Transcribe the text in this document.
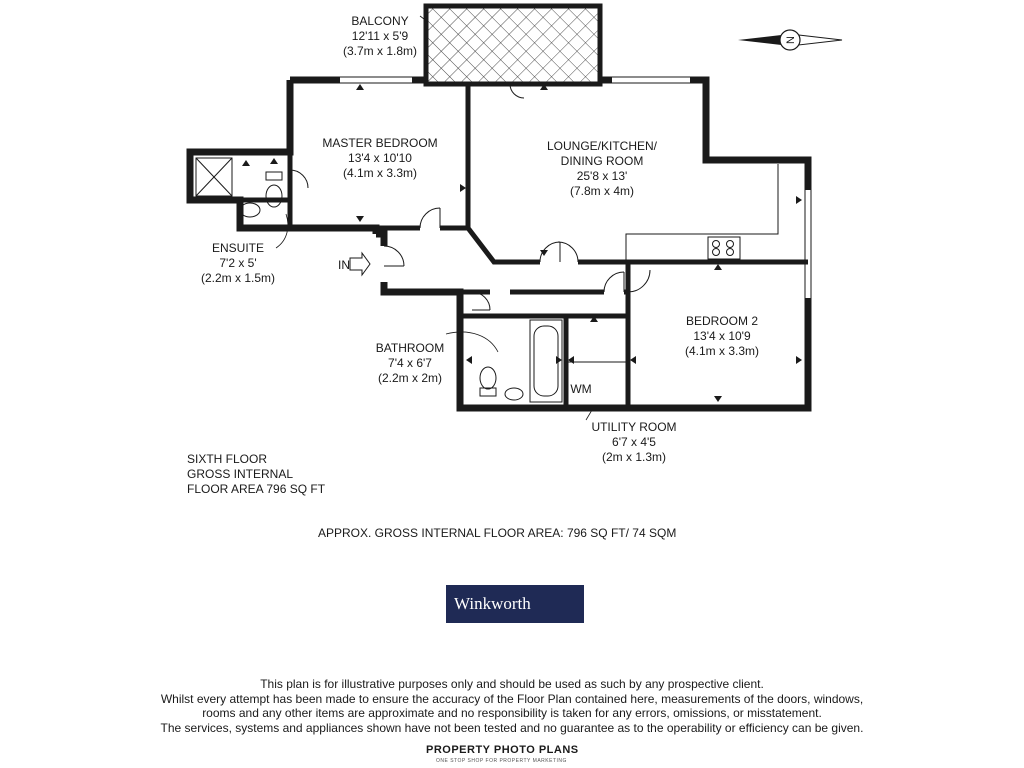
N
BALCONY
12'11 x 5'9
(3.7m x 1.8m)
MASTER BEDROOM
13'4 x 10'10
(4.1m x 3.3m)
LOUNGE/KITCHEN/
DINING ROOM
25'8 x 13'
(7.8m x 4m)
ENSUITE
7'2 x 5'
(2.2m x 1.5m)
BATHROOM
7'4 x 6'7
(2.2m x 2m)
BEDROOM 2
13'4 x 10'9
(4.1m x 3.3m)
UTILITY ROOM
6'7 x 4'5
(2m x 1.3m)
IN
WM
SIXTH FLOOR
GROSS INTERNAL
FLOOR AREA 796 SQ FT
APPROX. GROSS INTERNAL FLOOR AREA: 796 SQ FT/ 74 SQM
Winkworth
This plan is for illustrative purposes only and should be used as such by any prospective client.
Whilst every attempt has been made to ensure the accuracy of the Floor Plan contained here, measurements of the doors, windows,
rooms and any other items are approximate and no responsibility is taken for any errors, omissions, or misstatement.
The services, systems and appliances shown have not been tested and no guarantee as to the operability or efficiency can be given.
PROPERTY PHOTO PLANS
ONE STOP SHOP FOR PROPERTY MARKETING
